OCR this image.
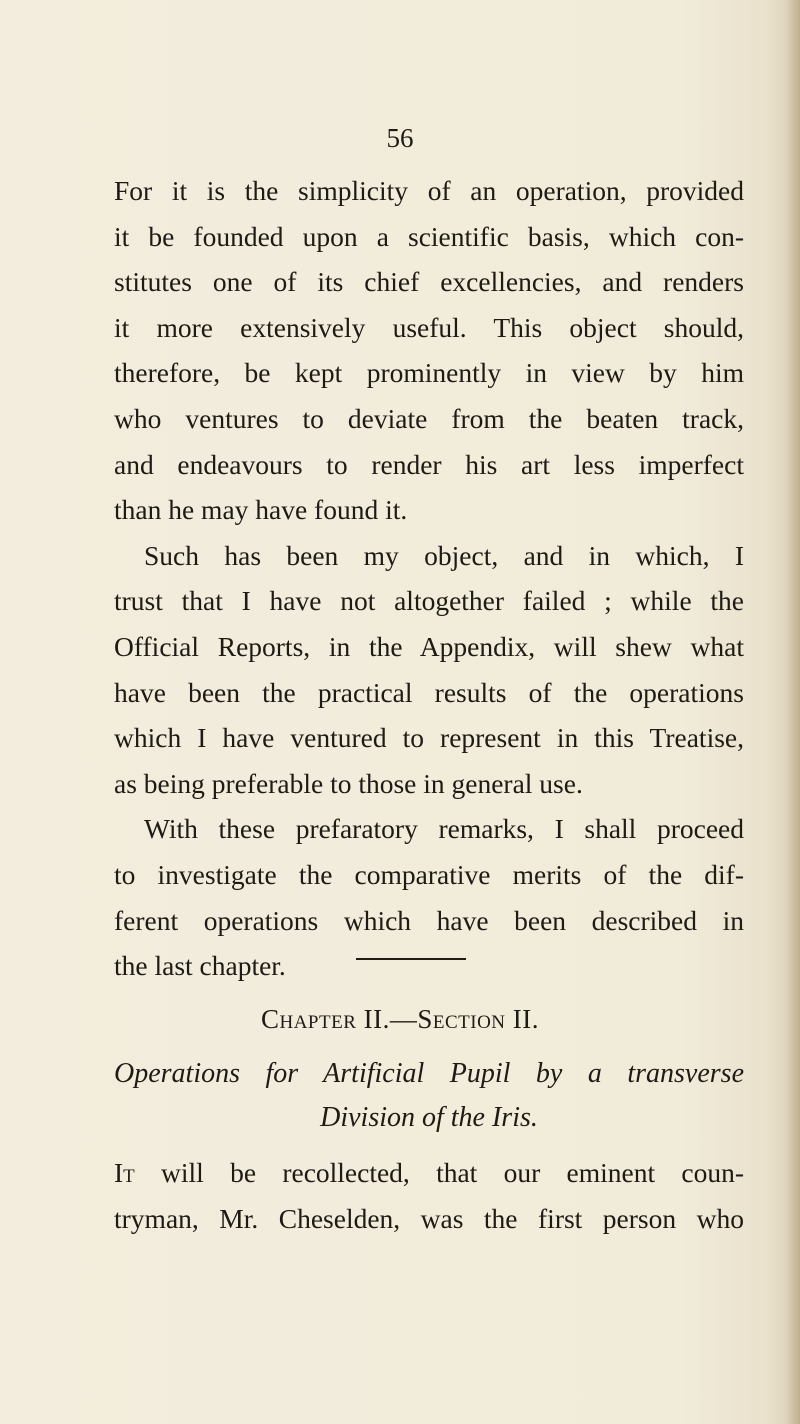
56
For it is the simplicity of an operation, provided
it be founded upon a scientific basis, which con-
stitutes one of its chief excellencies, and renders
it more extensively useful. This object should,
therefore, be kept prominently in view by him
who ventures to deviate from the beaten track,
and endeavours to render his art less imperfect
than he may have found it.
Such has been my object, and in which, I
trust that I have not altogether failed ; while the
Official Reports, in the Appendix, will shew what
have been the practical results of the operations
which I have ventured to represent in this Treatise,
as being preferable to those in general use.
With these prefaratory remarks, I shall proceed
to investigate the comparative merits of the dif-
ferent operations which have been described in
the last chapter.
Chapter II.—Section II.
Operations for Artificial Pupil by a transverse
Division of the Iris.
It will be recollected, that our eminent coun-
tryman, Mr. Cheselden, was the first person who
